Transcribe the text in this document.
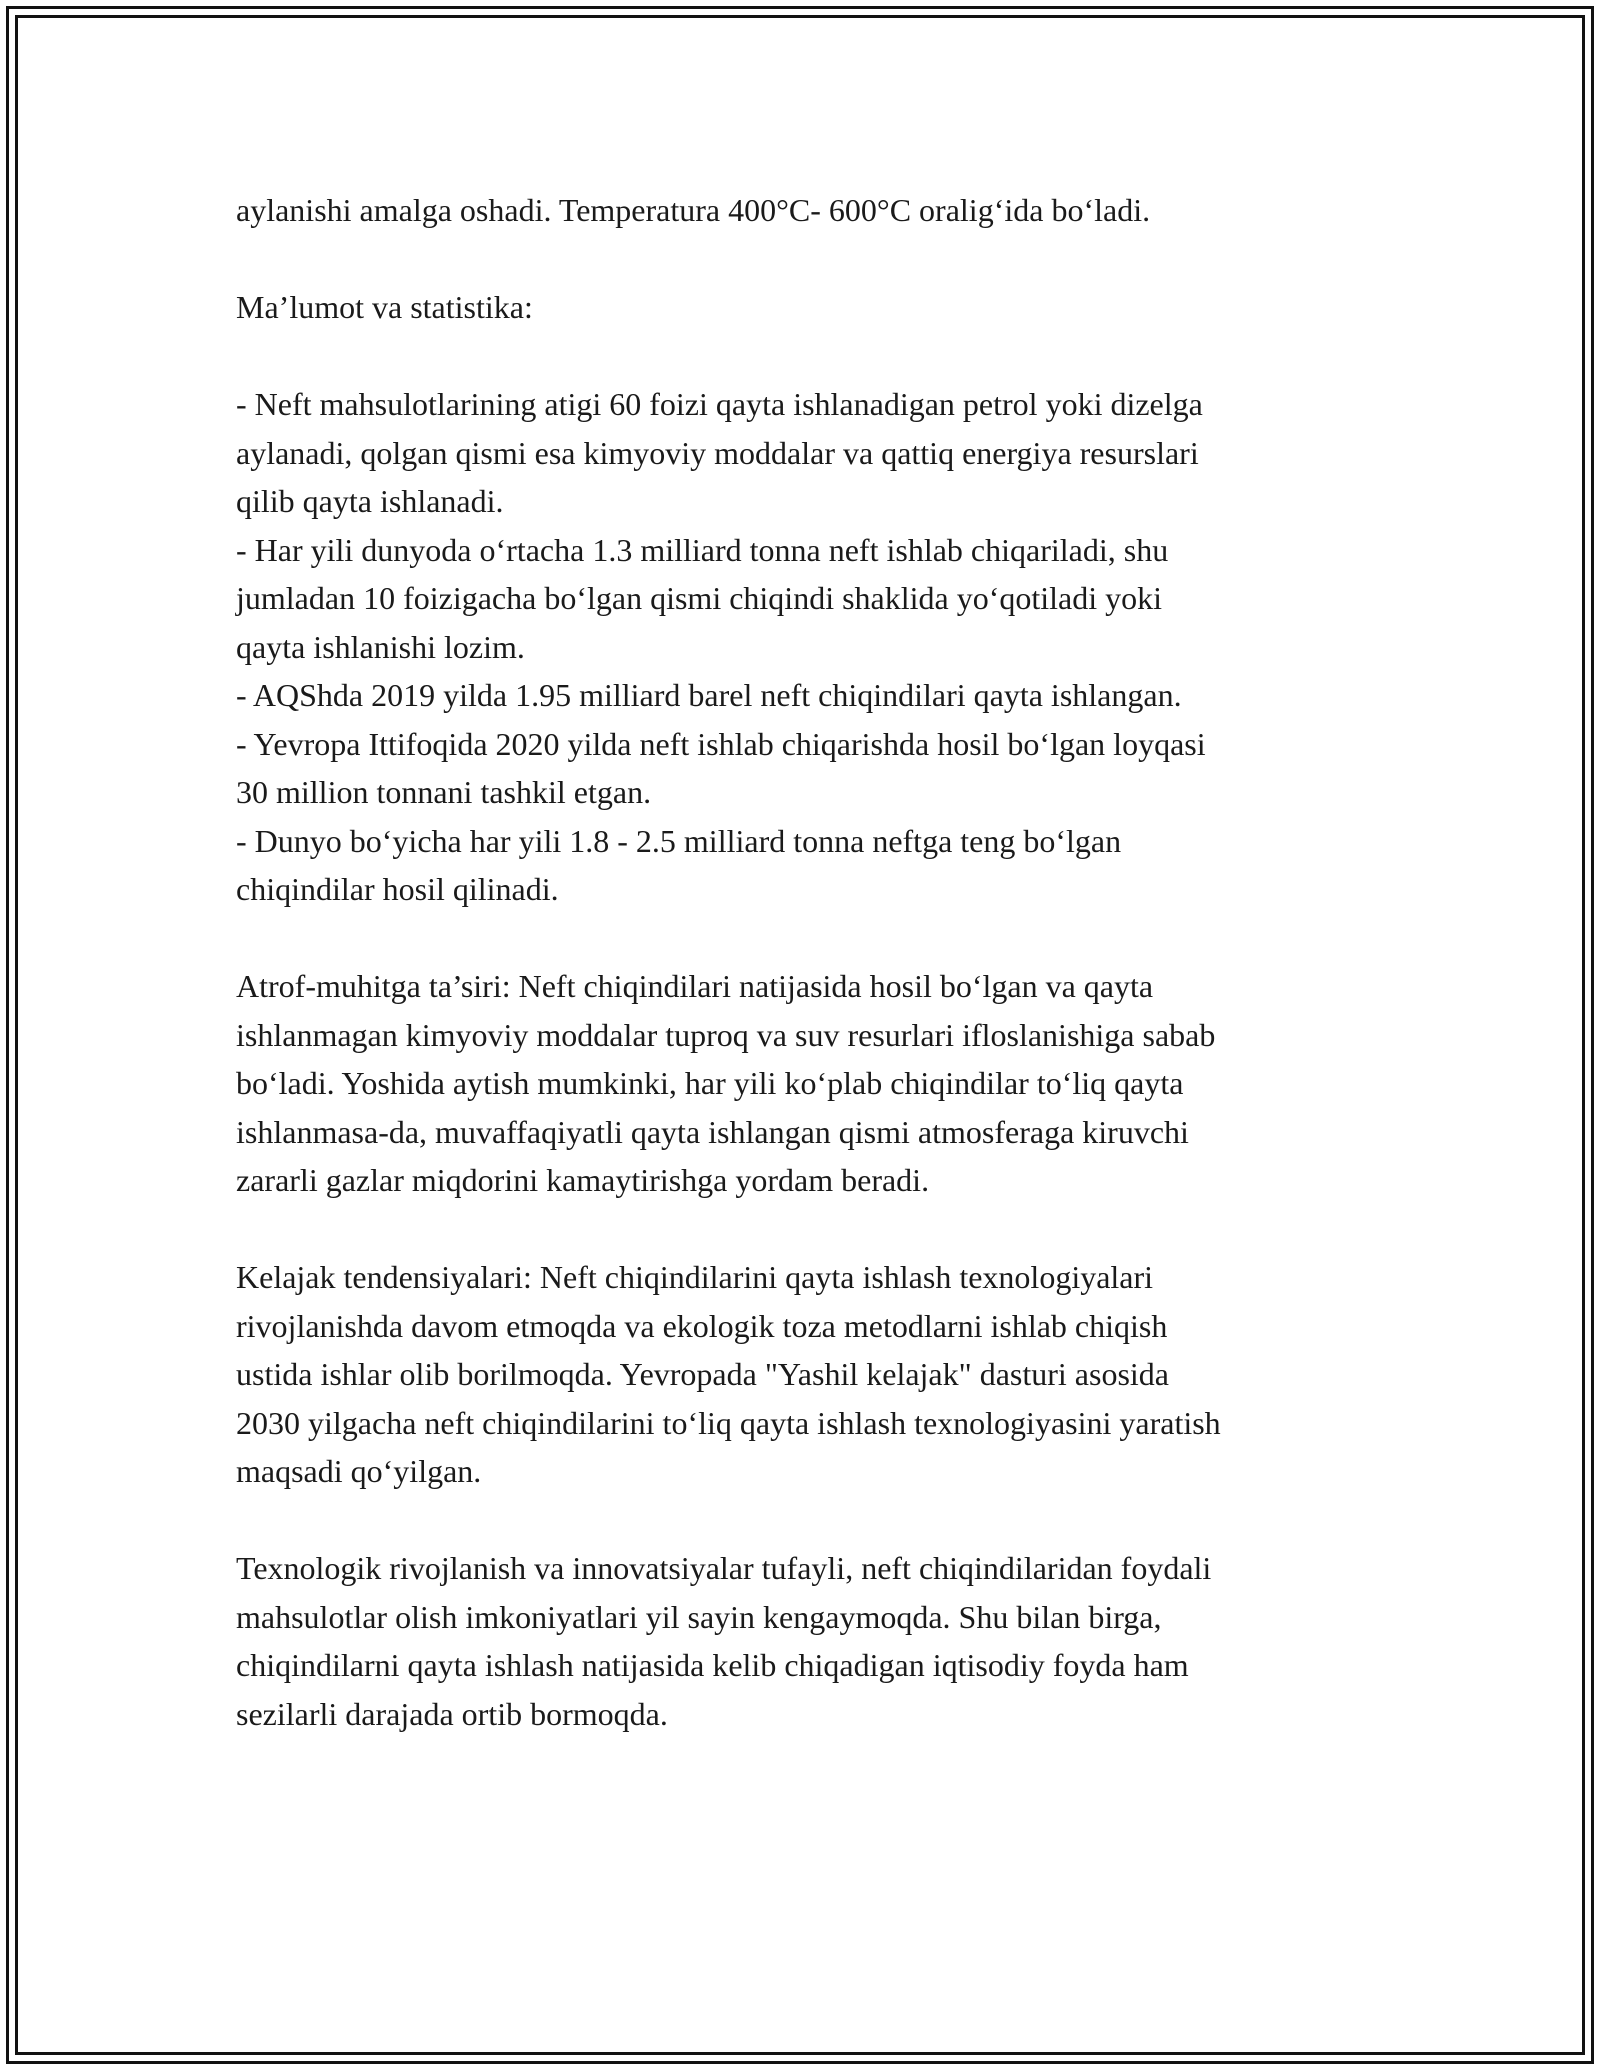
aylanishi amalga oshadi. Temperatura 400°C- 600°C oralig‘ida bo‘ladi.

Ma’lumot va statistika:

- Neft mahsulotlarining atigi 60 foizi qayta ishlanadigan petrol yoki dizelga
aylanadi, qolgan qismi esa kimyoviy moddalar va qattiq energiya resurslari
qilib qayta ishlanadi.
- Har yili dunyoda o‘rtacha 1.3 milliard tonna neft ishlab chiqariladi, shu
jumladan 10 foizigacha bo‘lgan qismi chiqindi shaklida yo‘qotiladi yoki
qayta ishlanishi lozim.
- AQShda 2019 yilda 1.95 milliard barel neft chiqindilari qayta ishlangan.
- Yevropa Ittifoqida 2020 yilda neft ishlab chiqarishda hosil bo‘lgan loyqasi
30 million tonnani tashkil etgan.
- Dunyo bo‘yicha har yili 1.8 - 2.5 milliard tonna neftga teng bo‘lgan
chiqindilar hosil qilinadi.

Atrof-muhitga ta’siri: Neft chiqindilari natijasida hosil bo‘lgan va qayta
ishlanmagan kimyoviy moddalar tuproq va suv resurlari ifloslanishiga sabab
bo‘ladi. Yoshida aytish mumkinki, har yili ko‘plab chiqindilar to‘liq qayta
ishlanmasa-da, muvaffaqiyatli qayta ishlangan qismi atmosferaga kiruvchi
zararli gazlar miqdorini kamaytirishga yordam beradi.

Kelajak tendensiyalari: Neft chiqindilarini qayta ishlash texnologiyalari
rivojlanishda davom etmoqda va ekologik toza metodlarni ishlab chiqish
ustida ishlar olib borilmoqda. Yevropada "Yashil kelajak" dasturi asosida
2030 yilgacha neft chiqindilarini to‘liq qayta ishlash texnologiyasini yaratish
maqsadi qo‘yilgan.

Texnologik rivojlanish va innovatsiyalar tufayli, neft chiqindilaridan foydali
mahsulotlar olish imkoniyatlari yil sayin kengaymoqda. Shu bilan birga,
chiqindilarni qayta ishlash natijasida kelib chiqadigan iqtisodiy foyda ham
sezilarli darajada ortib bormoqda.
